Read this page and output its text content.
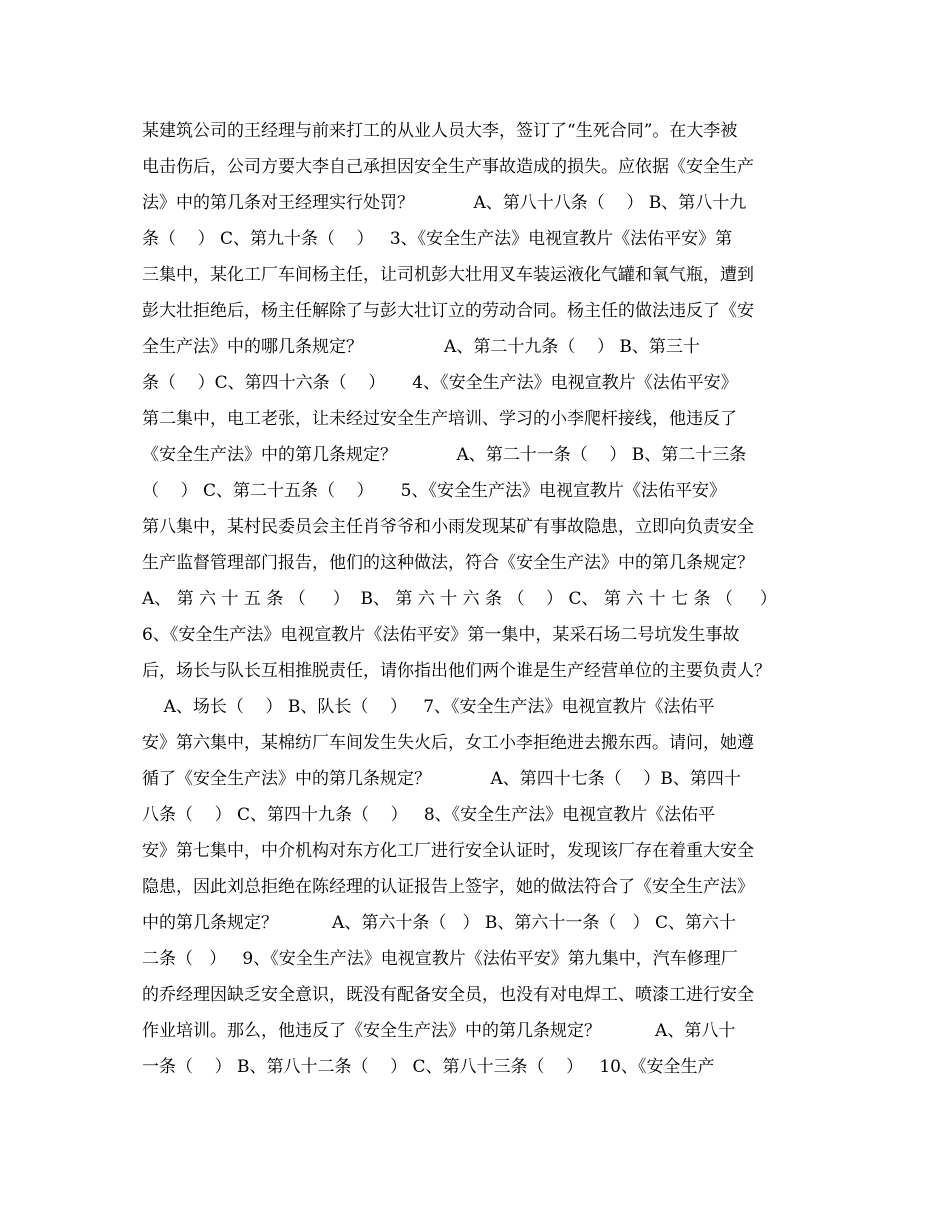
某建筑公司的王经理与前来打工的从业人员大李，签订了“生死合同”。在大李被
电击伤后，公司方要大李自己承担因安全生产事故造成的损失。应依据《安全生产
法》中的第几条对王经理实行处罚？           A、第八十八条（    ） B、第八十九
条（    ） C、第九十条（    ）   3、《安全生产法》电视宣教片《法佑平安》第
三集中，某化工厂车间杨主任，让司机彭大壮用叉车装运液化气罐和氧气瓶，遭到
彭大壮拒绝后，杨主任解除了与彭大壮订立的劳动合同。杨主任的做法违反了《安
全生产法》中的哪几条规定？               A、第二十九条（    ） B、第三十
条（    ）C、第四十六条（    ）     4、《安全生产法》电视宣教片《法佑平安》
第二集中，电工老张，让未经过安全生产培训、学习的小李爬杆接线，他违反了
《安全生产法》中的第几条规定？           A、第二十一条（    ） B、第二十三条
（    ） C、第二十五条（    ）     5、《安全生产法》电视宣教片《法佑平安》
第八集中，某村民委员会主任肖爷爷和小雨发现某矿有事故隐患，立即向负责安全
生产监督管理部门报告，他们的这种做法，符合《安全生产法》中的第几条规定？
A、 第 六 十 五 条 （     ）  B、 第 六 十 六 条 （    ） C、 第 六 十 七 条 （     ）
6、《安全生产法》电视宣教片《法佑平安》第一集中，某采石场二号坑发生事故
后，场长与队长互相推脱责任，请你指出他们两个谁是生产经营单位的主要负责人？
A、场长（    ） B、队长（    ）   7、《安全生产法》电视宣教片《法佑平
安》第六集中，某棉纺厂车间发生失火后，女工小李拒绝进去搬东西。请问，她遵
循了《安全生产法》中的第几条规定？           A、第四十七条（    ）B、第四十
八条（    ） C、第四十九条（    ）   8、《安全生产法》电视宣教片《法佑平
安》第七集中，中介机构对东方化工厂进行安全认证时，发现该厂存在着重大安全
隐患，因此刘总拒绝在陈经理的认证报告上签字，她的做法符合了《安全生产法》
中的第几条规定？          A、第六十条（   ） B、第六十一条（   ） C、第六十
二条（   ）   9、《安全生产法》电视宣教片《法佑平安》第九集中，汽车修理厂
的乔经理因缺乏安全意识，既没有配备安全员，也没有对电焊工、喷漆工进行安全
作业培训。那么，他违反了《安全生产法》中的第几条规定？          A、第八十
一条（    ） B、第八十二条（    ） C、第八十三条（    ）   10、《安全生产
